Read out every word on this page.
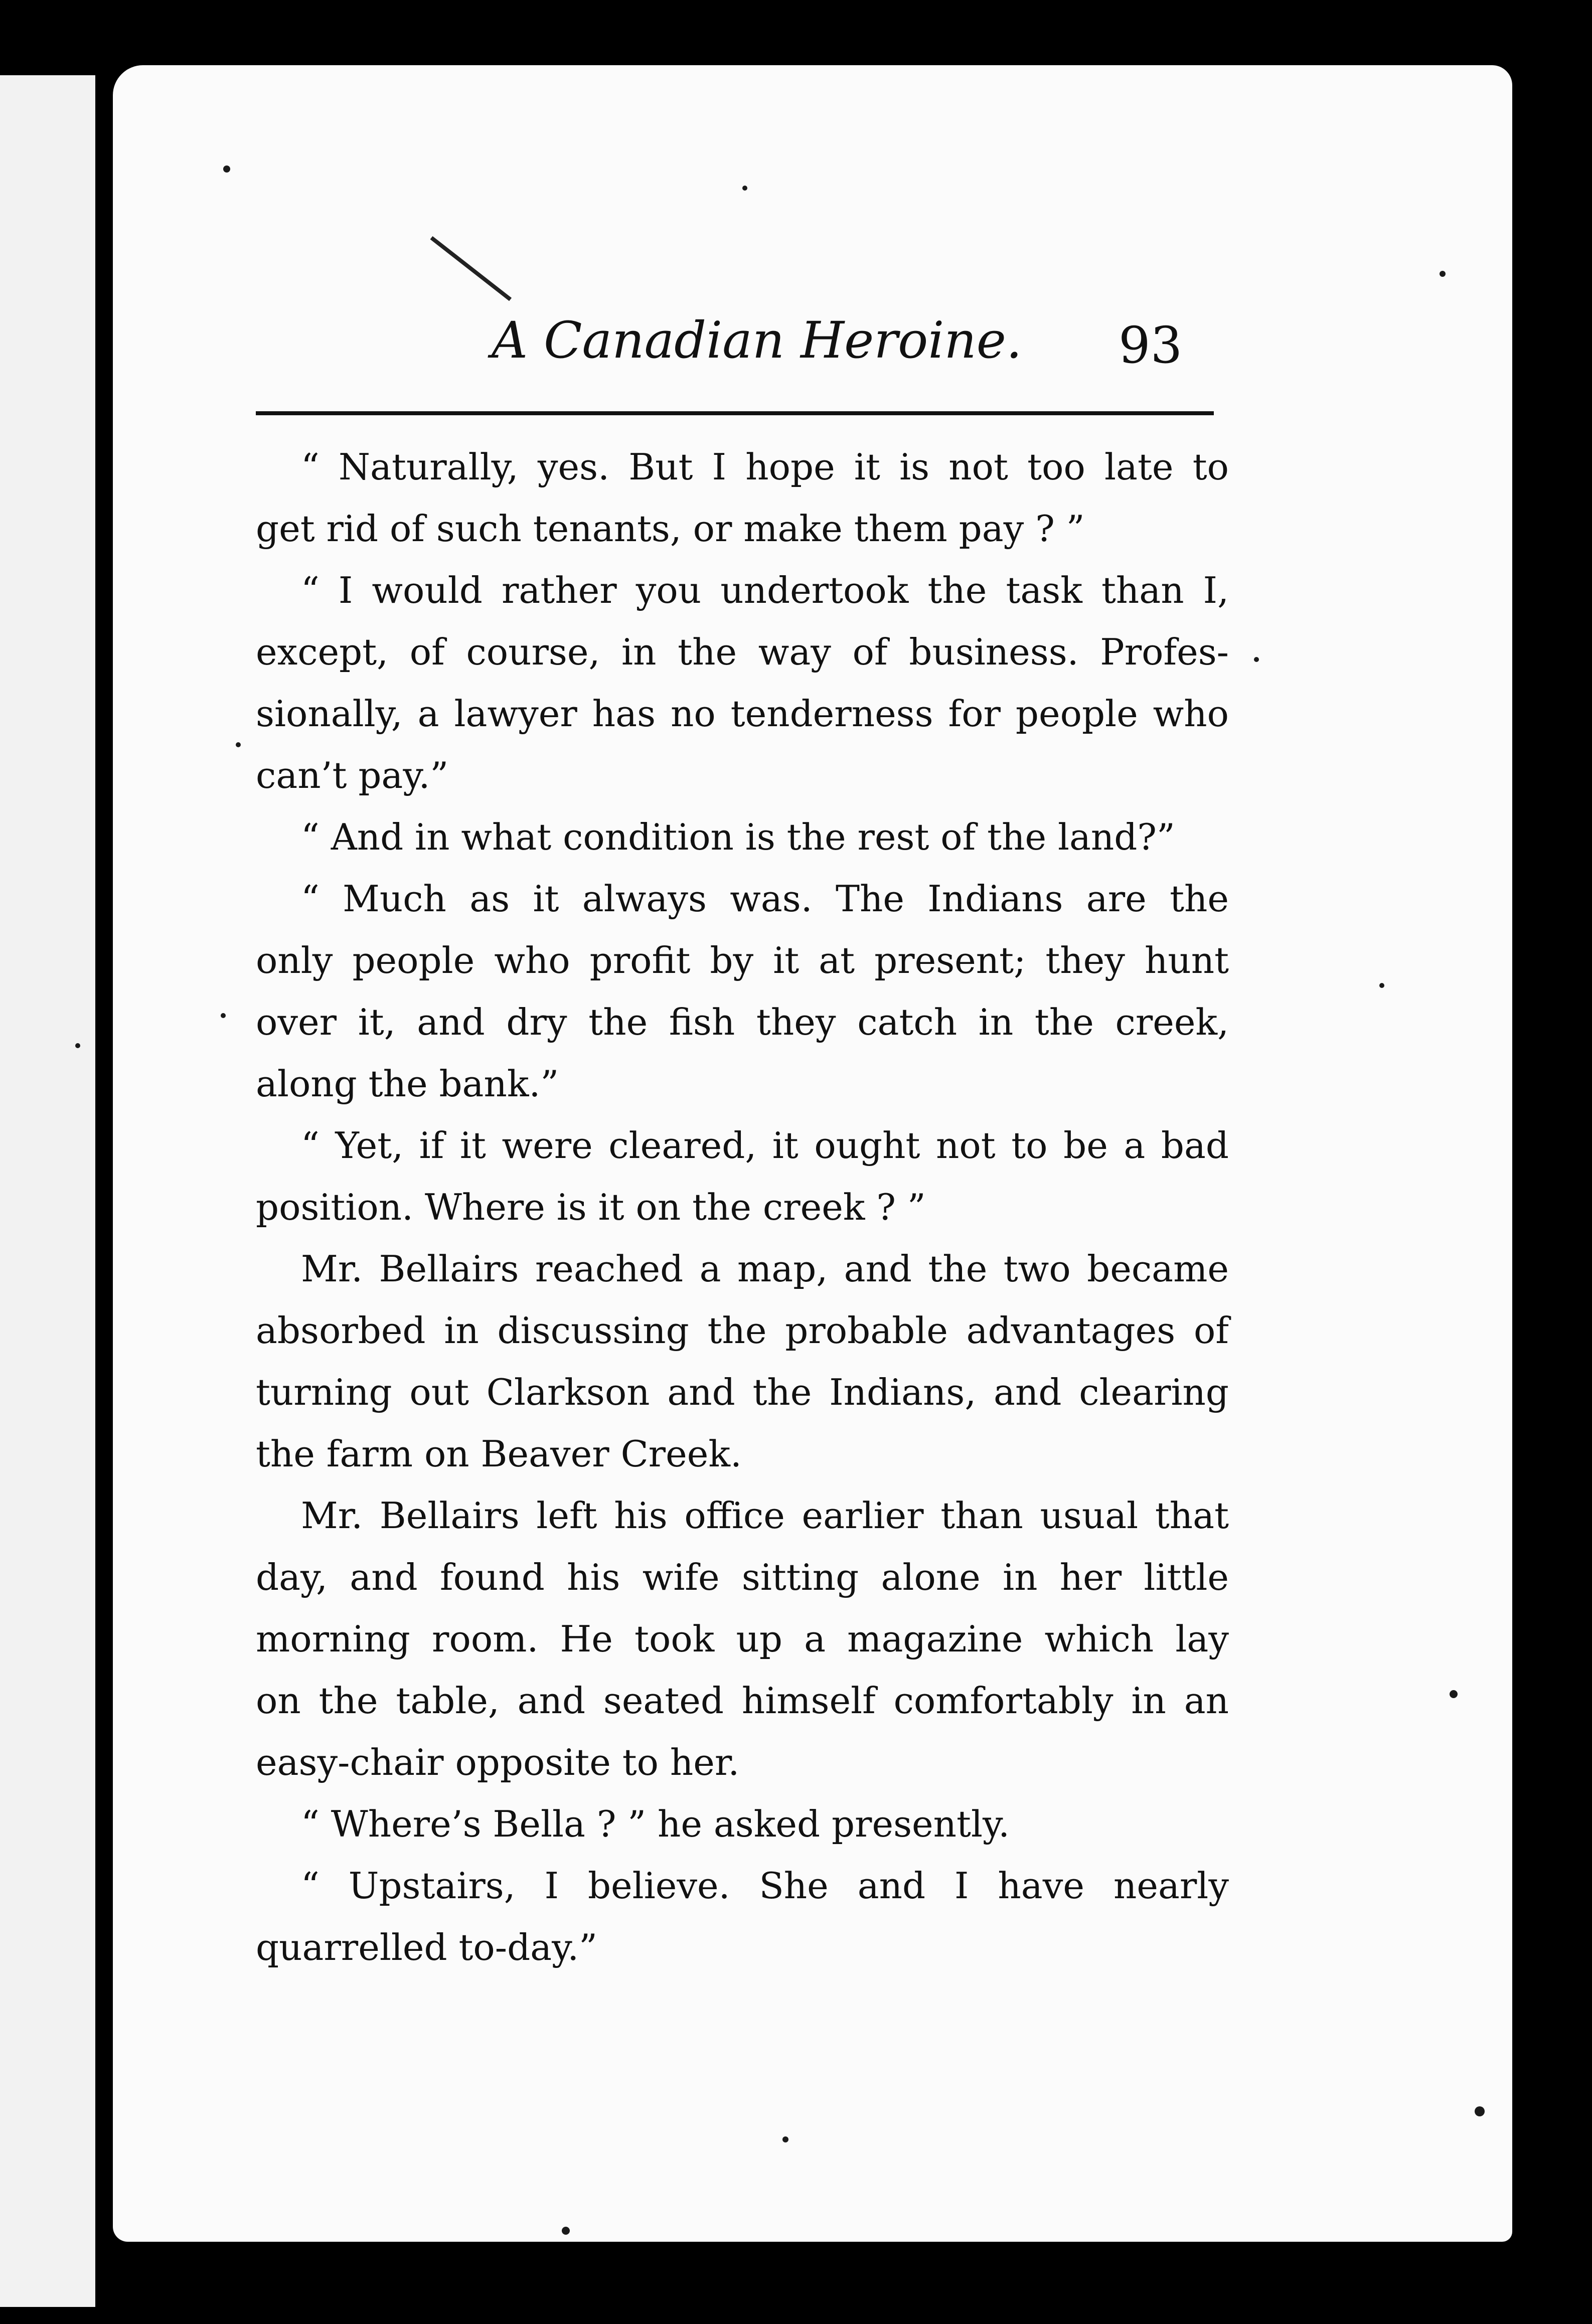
A Canadian Heroine. 93
“ Naturally, yes. But I hope it is not too late to
get rid of such tenants, or make them pay ? ”
“ I would rather you undertook the task than I,
except, of course, in the way of business. Profes-
sionally, a lawyer has no tenderness for people who
can’t pay.”
“ And in what condition is the rest of the land?”
“ Much as it always was. The Indians are the
only people who profit by it at present; they hunt
over it, and dry the fish they catch in the creek,
along the bank.”
“ Yet, if it were cleared, it ought not to be a bad
position. Where is it on the creek ? ”
Mr. Bellairs reached a map, and the two became
absorbed in discussing the probable advantages of
turning out Clarkson and the Indians, and clearing
the farm on Beaver Creek.
Mr. Bellairs left his office earlier than usual that
day, and found his wife sitting alone in her little
morning room. He took up a magazine which lay
on the table, and seated himself comfortably in an
easy-chair opposite to her.
“ Where’s Bella ? ” he asked presently.
“ Upstairs, I believe. She and I have nearly
quarrelled to-day.”
